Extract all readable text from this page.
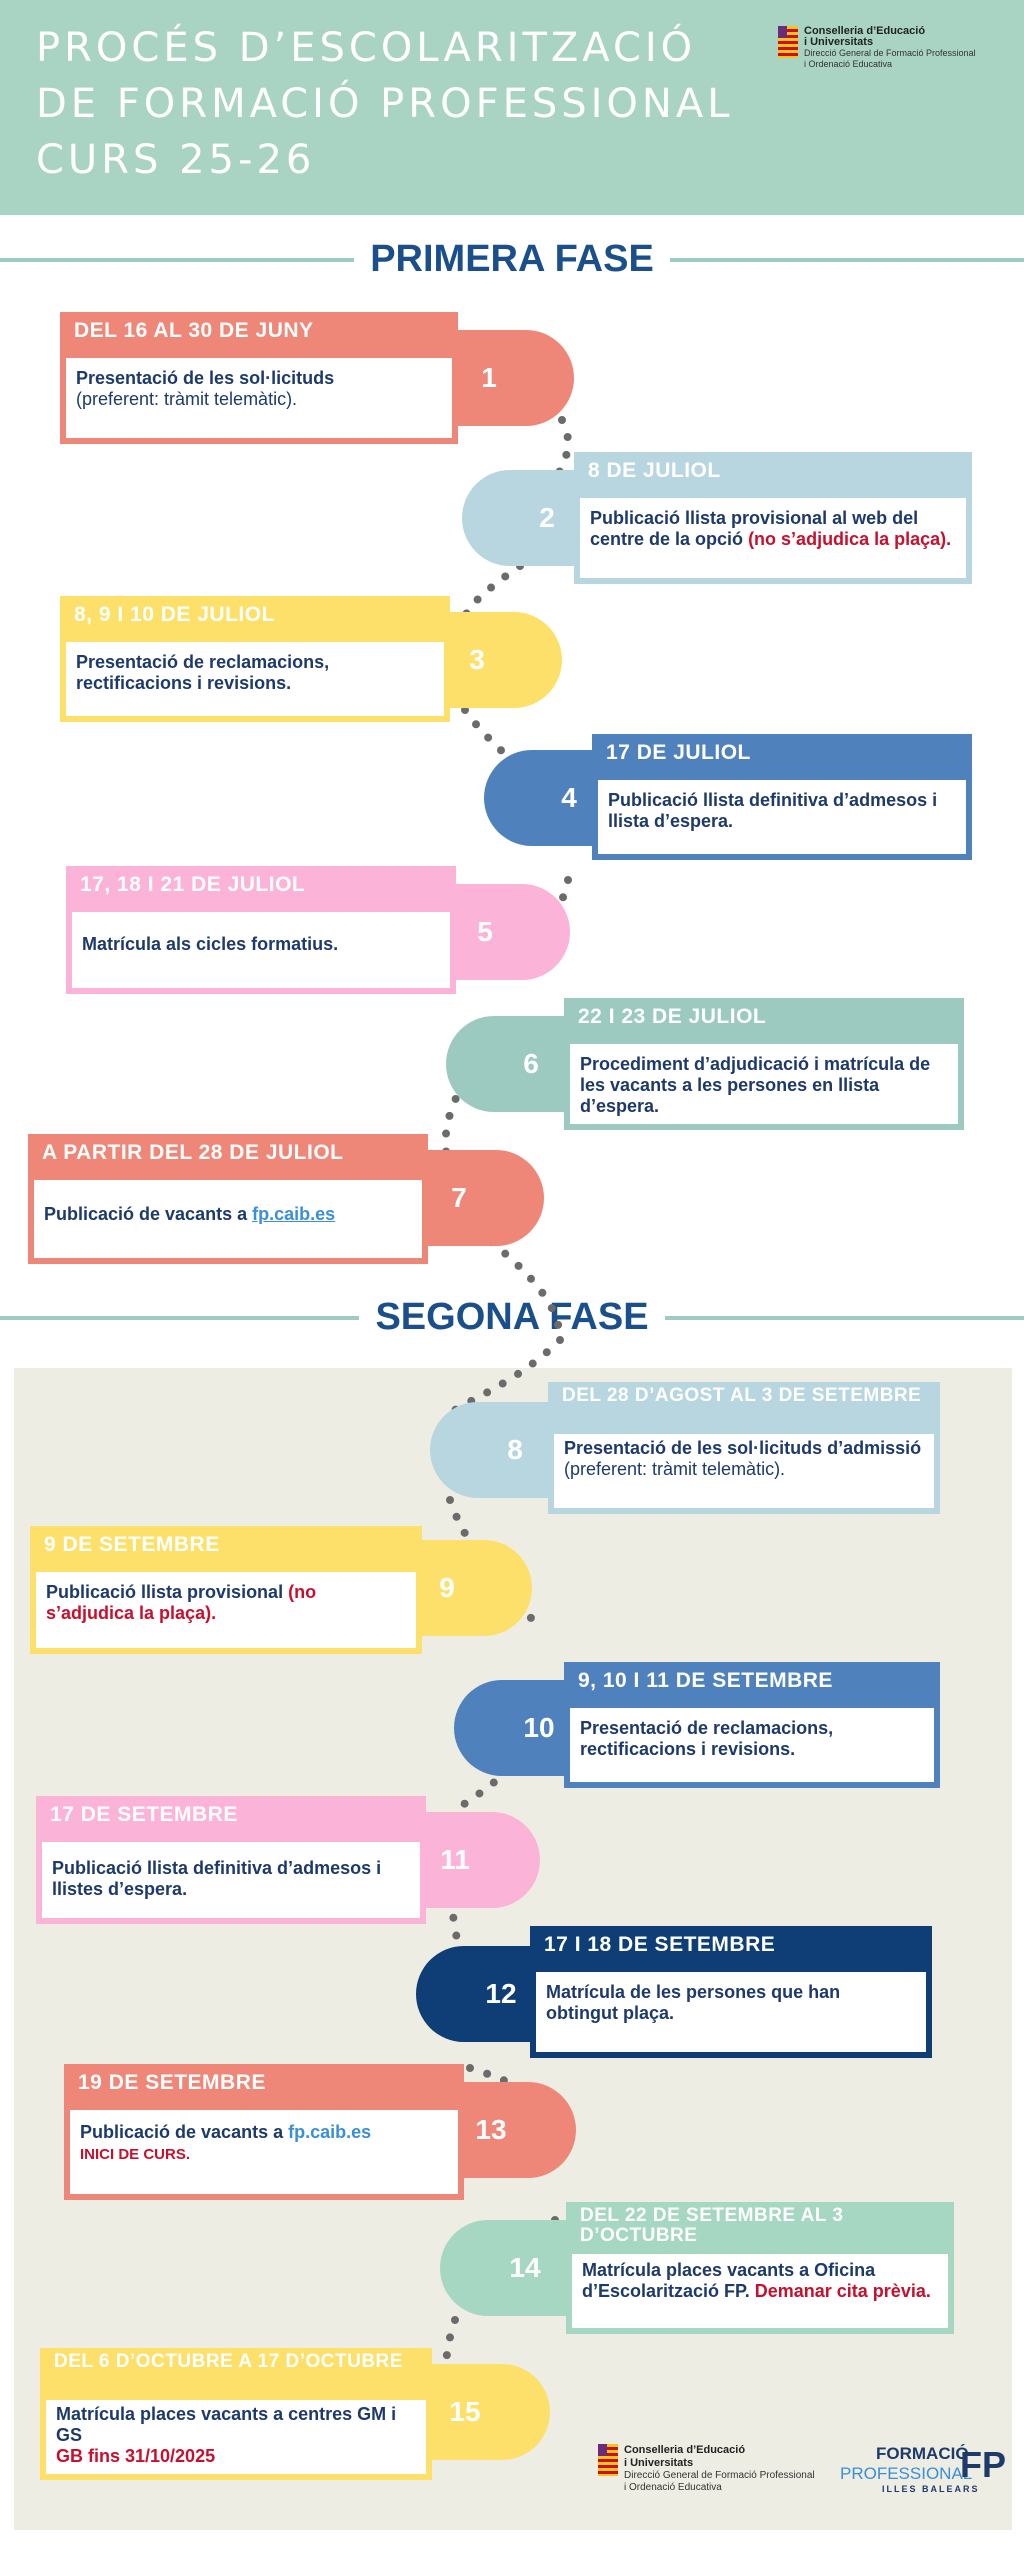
PROCÉS D’ESCOLARITZACIÓ
DE FORMACIÓ PROFESSIONAL
CURS 25-26
Conselleria d’Educació
i Universitats
Direcció General de Formació Professional
i Ordenació Educativa
PRIMERA FASE
SEGONA FASE
1
DEL 16 AL 30 DE JUNY
Presentació de les sol·licituds
(preferent: tràmit telemàtic).
2
8 DE JULIOL
Publicació llista provisional al web del centre de la opció (no s’adjudica la plaça).
3
8, 9 I 10 DE JULIOL
Presentació de reclamacions, rectificacions i revisions.
4
17 DE JULIOL
Publicació llista definitiva d’admesos i llista d’espera.
5
17, 18 I 21 DE JULIOL
Matrícula als cicles formatius.
6
22 I 23 DE JULIOL
Procediment d’adjudicació i matrícula de les vacants a les persones en llista d’espera.
7
A PARTIR DEL 28 DE JULIOL
Publicació de vacants a fp.caib.es
8
DEL 28 D’AGOST AL 3 DE SETEMBRE
Presentació de les sol·licituds d’admissió (preferent: tràmit telemàtic).
9
9 DE SETEMBRE
Publicació llista provisional (no s’adjudica la plaça).
10
9, 10 I 11 DE SETEMBRE
Presentació de reclamacions, rectificacions i revisions.
11
17 DE SETEMBRE
Publicació llista definitiva d’admesos i llistes d’espera.
12
17 I 18 DE SETEMBRE
Matrícula de les persones que han obtingut plaça.
13
19 DE SETEMBRE
Publicació de vacants a fp.caib.es
INICI DE CURS.
14
DEL 22 DE SETEMBRE AL 3 D’OCTUBRE
Matrícula places vacants a Oficina d’Escolarització FP. Demanar cita prèvia.
15
DEL 6 D’OCTUBRE A 17 D’OCTUBRE
Matrícula places vacants a centres GM i GS
GB fins 31/10/2025	Conselleria d’Educació
i Universitats
Direcció General de Formació Professional
i Ordenació Educativa
FORMACIÓ
PROFESSIONAL
FP
ILLES BALEARS
